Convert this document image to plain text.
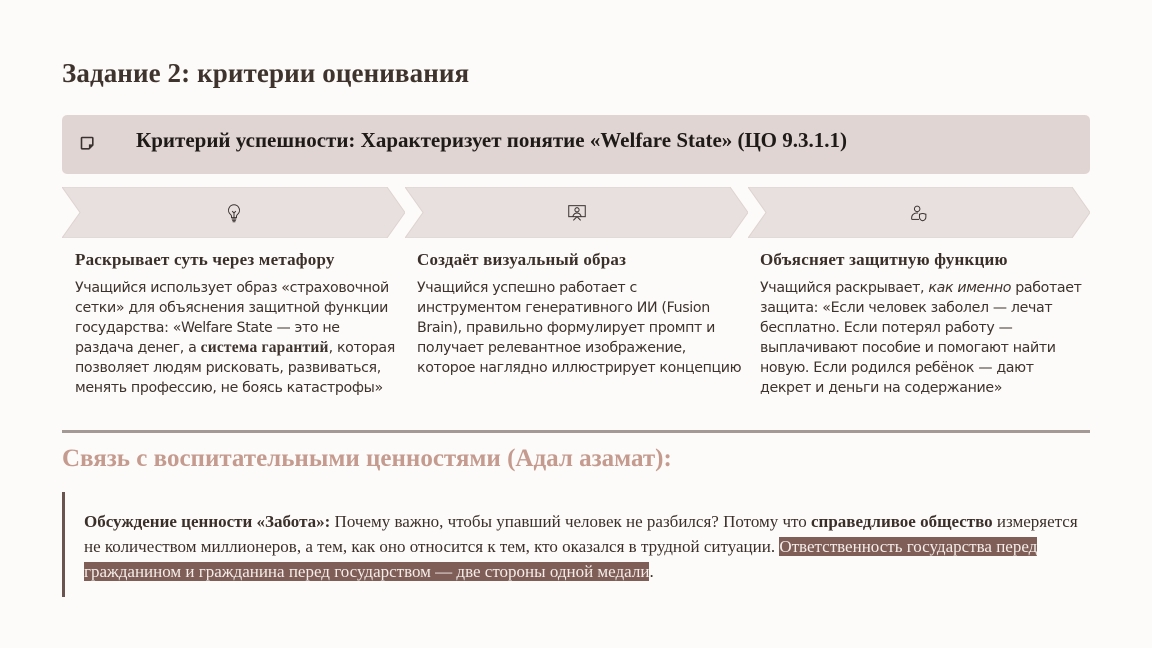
Задание 2: критерии оценивания
Критерий успешности: Характеризует понятие «Welfare State» (ЦО 9.3.1.1)
Раскрывает суть через метафору
Учащийся использует образ «страховочной сетки» для объяснения защитной функции государства: «Welfare State — это не раздача денег, а система гарантий, которая позволяет людям рисковать, развиваться, менять профессию, не боясь катастрофы»
Создаёт визуальный образ
Учащийся успешно работает с инструментом генеративного ИИ (Fusion Brain), правильно формулирует промпт и получает релевантное изображение, которое наглядно иллюстрирует концепцию
Объясняет защитную функцию
Учащийся раскрывает, как именно работает защита: «Если человек заболел — лечат бесплатно. Если потерял работу — выплачивают пособие и помогают найти новую. Если родился ребёнок — дают декрет и деньги на содержание»
Связь с воспитательными ценностями (Адал азамат):

Обсуждение ценности «Забота»: Почему важно, чтобы упавший человек не разбился? Потому что справедливое общество измеряется не количеством миллионеров, а тем, как оно относится к тем, кто оказался в трудной ситуации. Ответственность государства перед гражданином и гражданина перед государством — две стороны одной медали.
